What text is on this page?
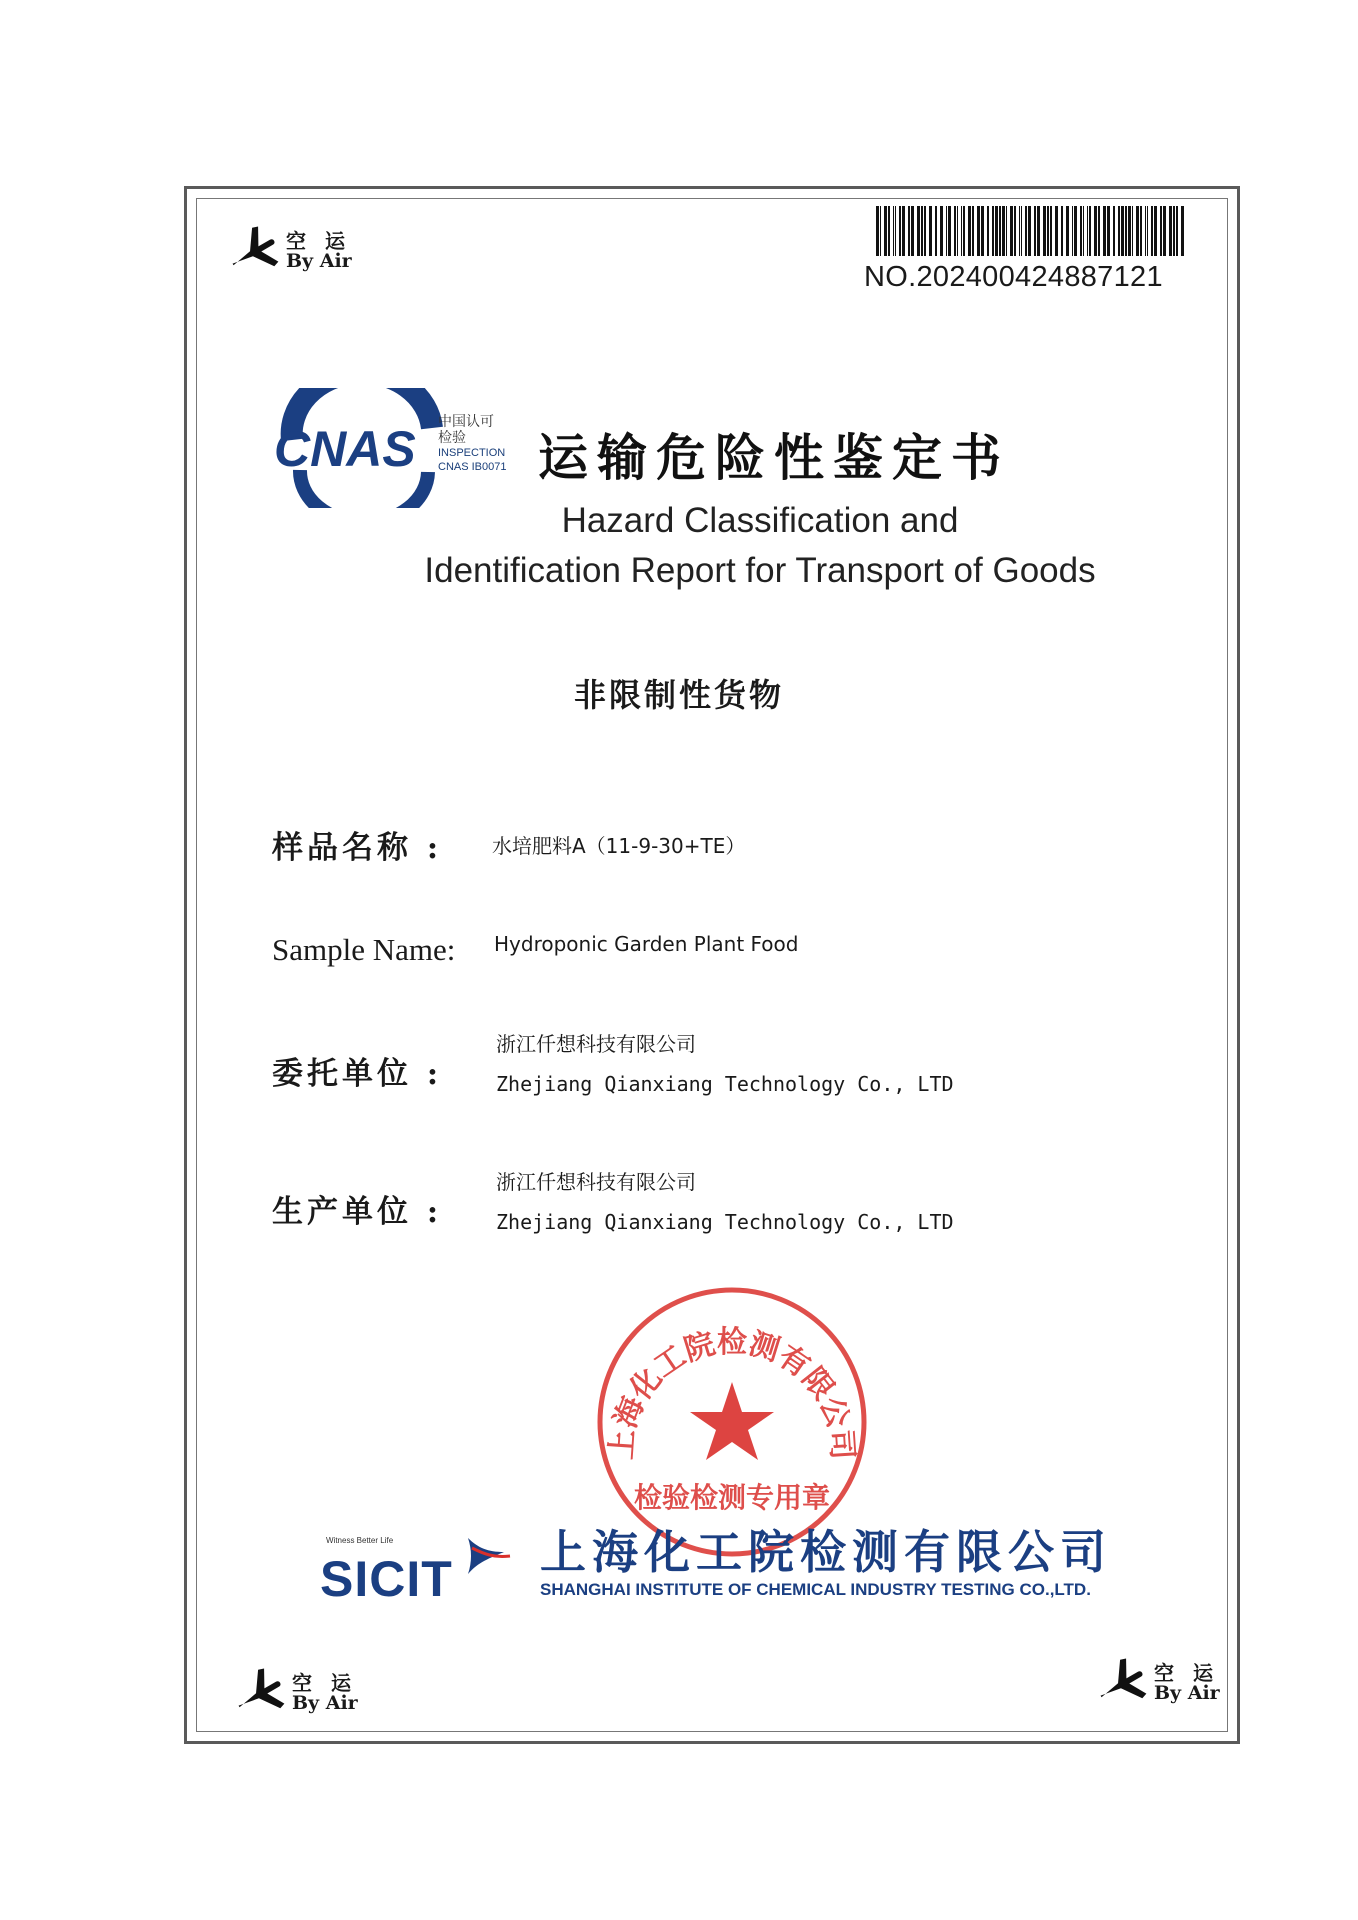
空 运
By Air
NO.202400424887121
CNAS 中国认可
检验
INSPECTION
CNAS IB0071 运输危险性鉴定书
Hazard Classification and
Identification Report for Transport of Goods
非限制性货物
样品名称 : 水培肥料A（11-9-30+TE）
Sample Name: Hydroponic Garden Plant Food
委托单位 :
浙江仟想科技有限公司
Zhejiang Qianxiang Technology Co., LTD
生产单位 :
浙江仟想科技有限公司
Zhejiang Qianxiang Technology Co., LTD
上海化工院检测有限公司
检验检测专用章
Witness Better Life
SICIT 上海化工院检测有限公司
SHANGHAI INSTITUTE OF CHEMICAL INDUSTRY TESTING CO.,LTD.
空 运
By Air
空 运
By Air
